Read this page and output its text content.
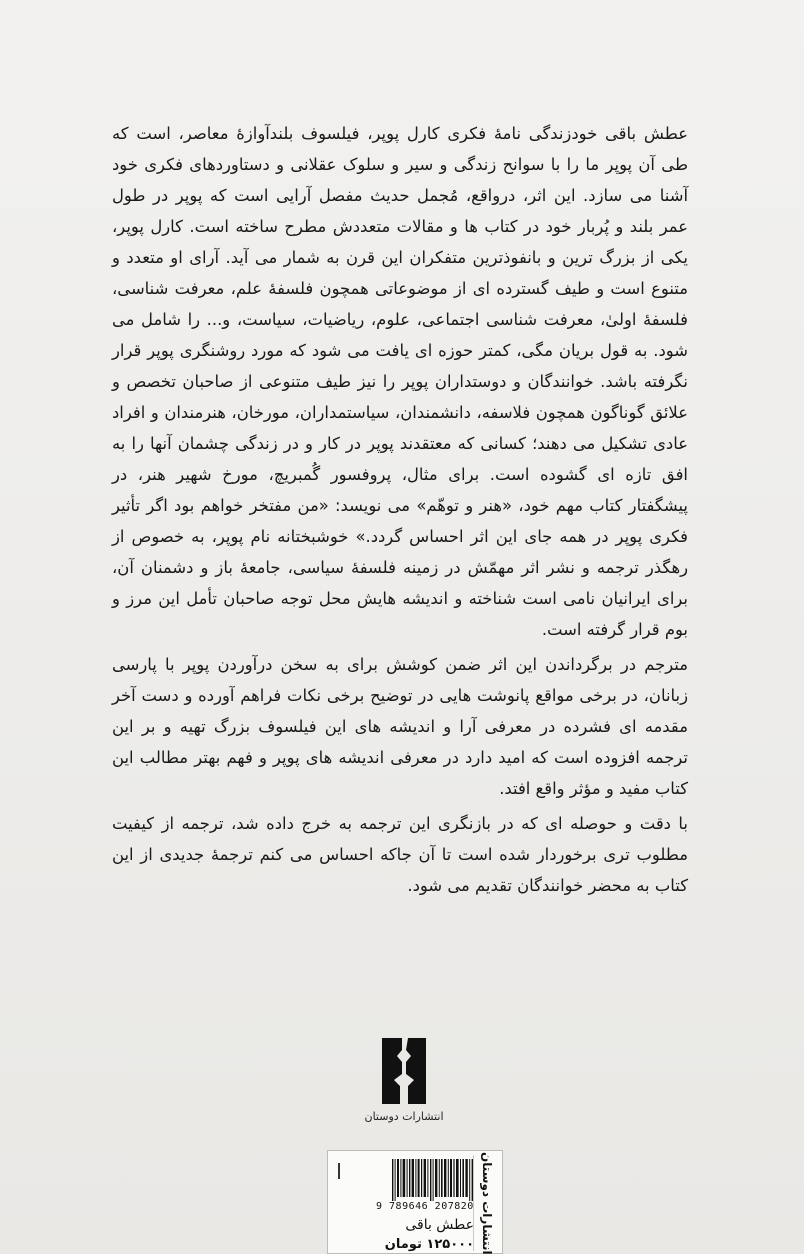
عطش باقی خودزندگی نامهٔ فکری کارل پوپر، فیلسوف بلندآوازهٔ معاصر، است که طی آن پوپر ما را با سوانح زندگی و سیر و سلوک عقلانی و دستاوردهای فکری خود آشنا می سازد. این اثر، درواقع، مُجمل حدیث مفصل آرایی است که پوپر در طول عمر بلند و پُربار خود در کتاب ها و مقالات متعددش مطرح ساخته است. کارل پوپر، یکی از بزرگ ترین و بانفوذترین متفکران این قرن به شمار می آید. آرای او متعدد و متنوع است و طیف گسترده ای از موضوعاتی همچون فلسفهٔ علم، معرفت شناسی، فلسفهٔ اولیٰ، معرفت شناسی اجتماعی، علوم، ریاضیات، سیاست، و... را شامل می شود. به قول بریان مگی، کمتر حوزه ای یافت می شود که مورد روشنگری پوپر قرار نگرفته باشد. خوانندگان و دوستداران پوپر را نیز طیف متنوعی از صاحبان تخصص و علائق گوناگون همچون فلاسفه، دانشمندان، سیاستمداران، مورخان، هنرمندان و افراد عادی تشکیل می دهند؛ کسانی که معتقدند پوپر در کار و در زندگی چشمان آنها را به افق تازه ای گشوده است. برای مثال، پروفسور گُمبریچ، مورخ شهیر هنر، در پیشگفتار کتاب مهم خود، «هنر و توهّم» می نویسد: «من مفتخر خواهم بود اگر تأثیر فکری پوپر در همه جای این اثر احساس گردد.» خوشبختانه نام پوپر، به خصوص از رهگذر ترجمه و نشر اثر مهمّش در زمینه فلسفهٔ سیاسی، جامعهٔ باز و دشمنان آن، برای ایرانیان نامی است شناخته و اندیشه هایش محل توجه صاحبان تأمل این مرز و بوم قرار گرفته است.

مترجم در برگرداندن این اثر ضمن کوشش برای به سخن درآوردن پوپر با پارسی زبانان، در برخی مواقع پانوشت هایی در توضیح برخی نکات فراهم آورده و دست آخر مقدمه ای فشرده در معرفی آرا و اندیشه های این فیلسوف بزرگ تهیه و بر این ترجمه افزوده است که امید دارد در معرفی اندیشه های پوپر و فهم بهتر مطالب این کتاب مفید و مؤثر واقع افتد.

با دقت و حوصله ای که در بازنگری این ترجمه به خرج داده شد، ترجمه از کیفیت مطلوب تری برخوردار شده است تا آن جاکه احساس می کنم ترجمهٔ جدیدی از این کتاب به محضر خوانندگان تقدیم می شود.

انتشارات دوستان
انتشارات دوستان
9 789646 207820
عطش باقی
۱۲۵۰۰۰ تومان
